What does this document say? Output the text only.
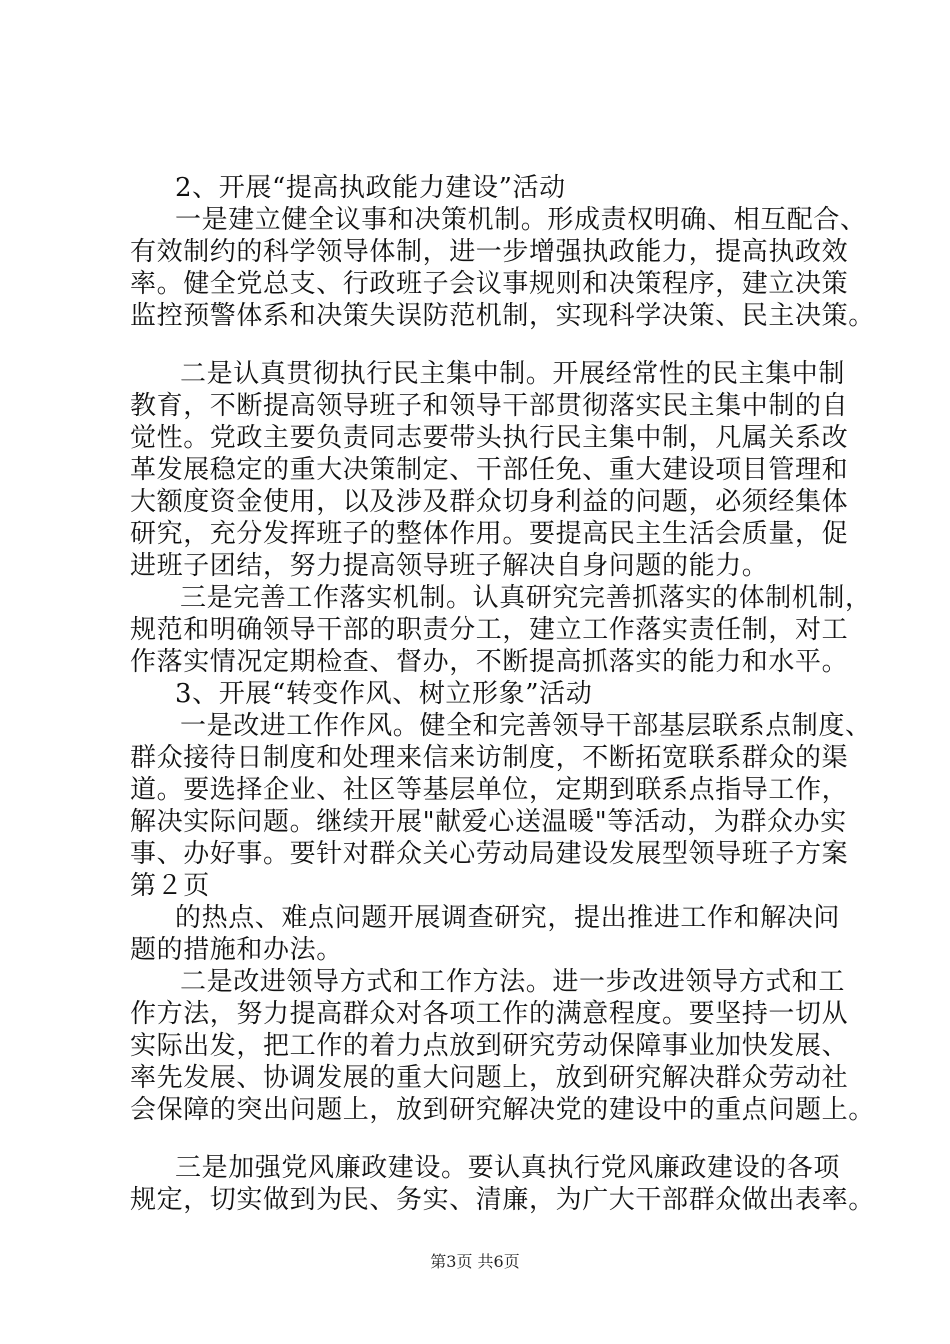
2、开展“提高执政能力建设”活动
一是建立健全议事和决策机制。形成责权明确、相互配合、
有效制约的科学领导体制，进一步增强执政能力，提高执政效
率。健全党总支、行政班子会议事规则和决策程序，建立决策
监控预警体系和决策失误防范机制，实现科学决策、民主决策。
二是认真贯彻执行民主集中制。开展经常性的民主集中制
教育，不断提高领导班子和领导干部贯彻落实民主集中制的自
觉性。党政主要负责同志要带头执行民主集中制，凡属关系改
革发展稳定的重大决策制定、干部任免、重大建设项目管理和
大额度资金使用，以及涉及群众切身利益的问题，必须经集体
研究，充分发挥班子的整体作用。要提高民主生活会质量，促
进班子团结，努力提高领导班子解决自身问题的能力。
三是完善工作落实机制。认真研究完善抓落实的体制机制，
规范和明确领导干部的职责分工，建立工作落实责任制，对工
作落实情况定期检查、督办，不断提高抓落实的能力和水平。
3、开展“转变作风、树立形象”活动
一是改进工作作风。健全和完善领导干部基层联系点制度、
群众接待日制度和处理来信来访制度，不断拓宽联系群众的渠
道。要选择企业、社区等基层单位，定期到联系点指导工作，
解决实际问题。继续开展"献爱心送温暖"等活动，为群众办实
事、办好事。要针对群众关心劳动局建设发展型领导班子方案
第２页
的热点、难点问题开展调查研究，提出推进工作和解决问
题的措施和办法。
二是改进领导方式和工作方法。进一步改进领导方式和工
作方法，努力提高群众对各项工作的满意程度。要坚持一切从
实际出发，把工作的着力点放到研究劳动保障事业加快发展、
率先发展、协调发展的重大问题上，放到研究解决群众劳动社
会保障的突出问题上，放到研究解决党的建设中的重点问题上。
三是加强党风廉政建设。要认真执行党风廉政建设的各项
规定，切实做到为民、务实、清廉，为广大干部群众做出表率。
第3页 共6页
